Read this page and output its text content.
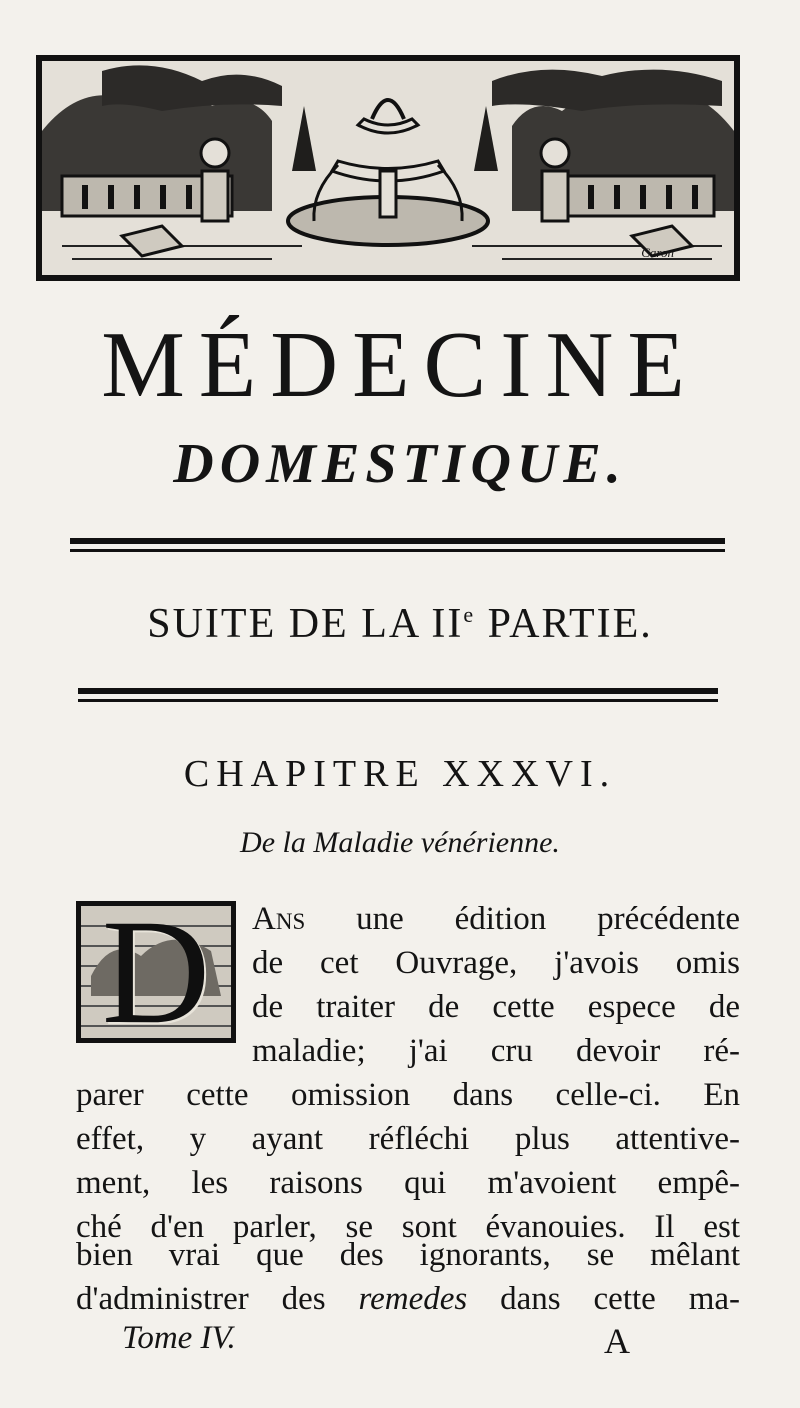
Caron
MÉDECINE
DOMESTIQUE.
SUITE DE LA IIe PARTIE.
CHAPITRE XXXVI.
De la Maladie vénérienne.
D	Ans une édition précédente
de cet Ouvrage, j'avois omis
de traiter de cette espece de
maladie; j'ai cru devoir ré-
parer cette omission dans celle-ci. En
effet, y ayant réfléchi plus attentive-
ment, les raisons qui m'avoient empê-
ché d'en parler, se sont évanouies. Il est
bien vrai que des ignorants, se mêlant
d'administrer des remedes dans cette ma-
Tome IV.	A
